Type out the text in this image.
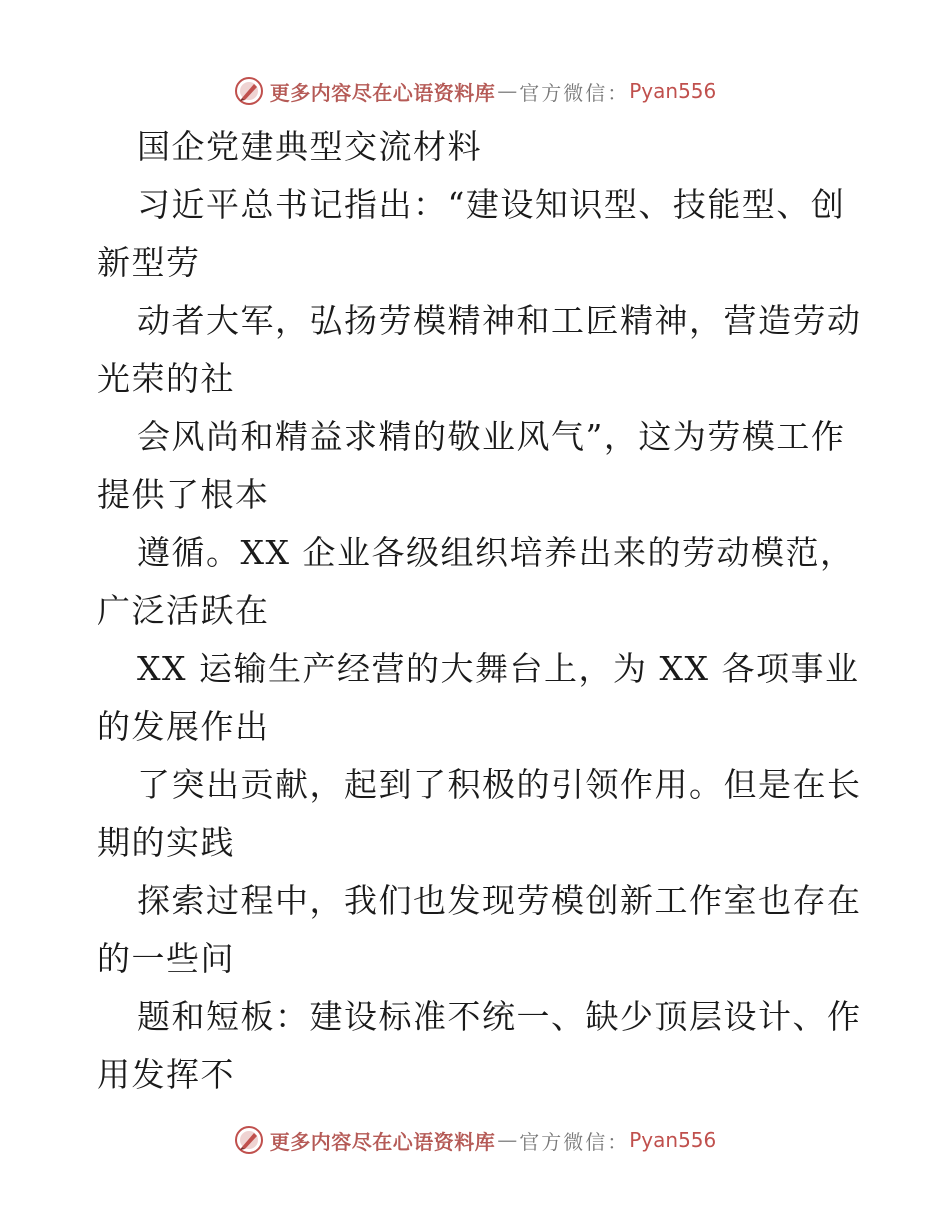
更多内容尽在心语资料库 — 官方微信： Pyan556
国企党建典型交流材料
习近平总书记指出：“建设知识型、技能型、创
新型劳
动者大军，弘扬劳模精神和工匠精神，营造劳动
光荣的社
会风尚和精益求精的敬业风气”，这为劳模工作
提供了根本
遵循。XX 企业各级组织培养出来的劳动模范，
广泛活跃在
XX 运输生产经营的大舞台上，为 XX 各项事业
的发展作出
了突出贡献，起到了积极的引领作用。但是在长
期的实践
探索过程中，我们也发现劳模创新工作室也存在
的一些问
题和短板：建设标准不统一、缺少顶层设计、作
用发挥不
更多内容尽在心语资料库 — 官方微信： Pyan556
